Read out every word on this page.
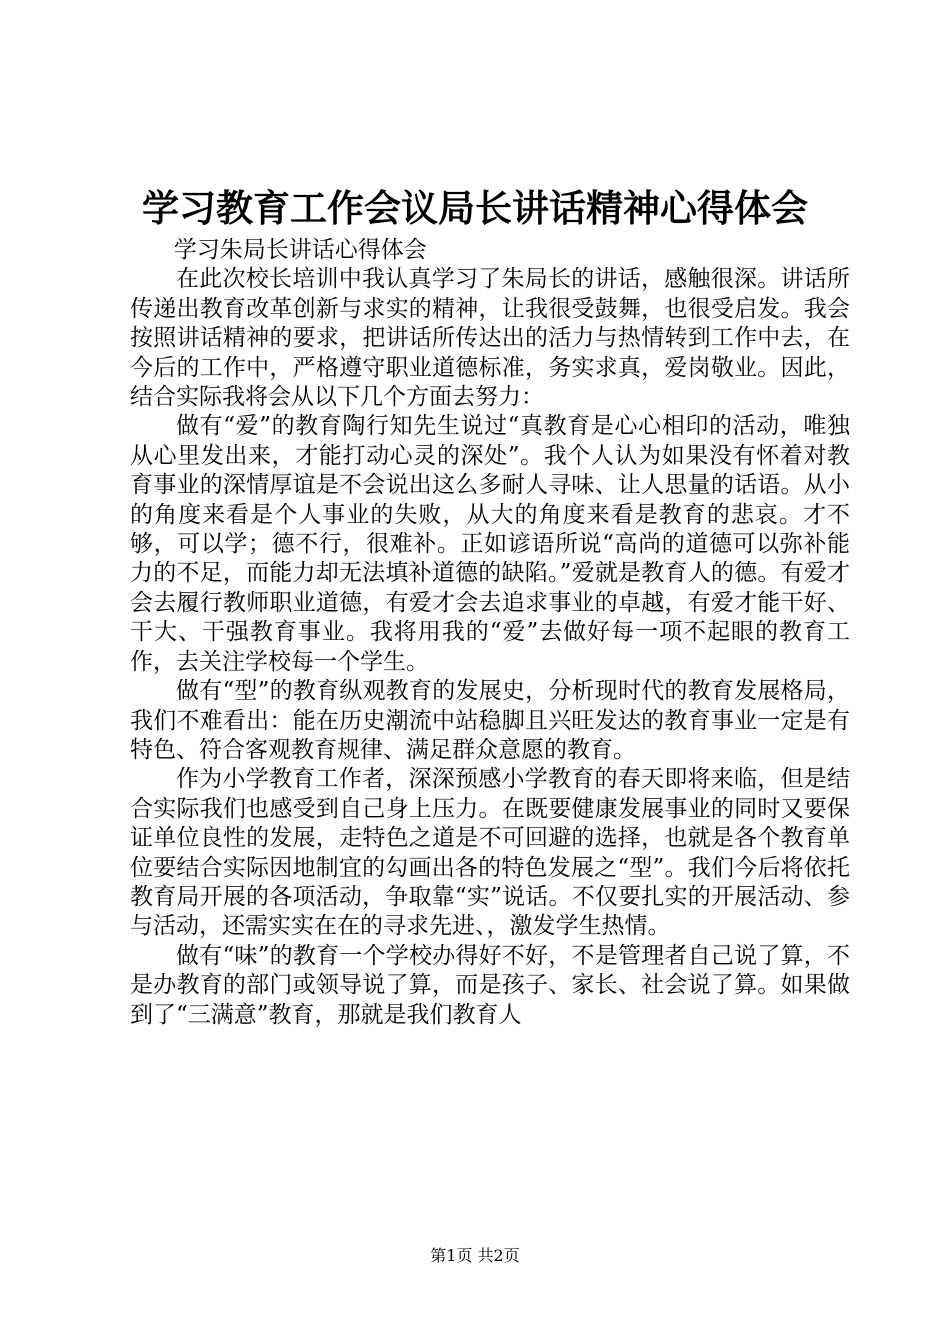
学习教育工作会议局长讲话精神心得体会

学习朱局长讲话心得体会

在此次校长培训中我认真学习了朱局长的讲话，感触很深。讲话所传递出教育改革创新与求实的精神，让我很受鼓舞，也很受启发。我会按照讲话精神的要求，把讲话所传达出的活力与热情转到工作中去，在今后的工作中，严格遵守职业道德标准，务实求真，爱岗敬业。因此，结合实际我将会从以下几个方面去努力：

做有“爱”的教育陶行知先生说过“真教育是心心相印的活动，唯独从心里发出来，才能打动心灵的深处”。我个人认为如果没有怀着对教育事业的深情厚谊是不会说出这么多耐人寻味、让人思量的话语。从小的角度来看是个人事业的失败，从大的角度来看是教育的悲哀。才不够，可以学；德不行，很难补。正如谚语所说“高尚的道德可以弥补能力的不足，而能力却无法填补道德的缺陷。”爱就是教育人的德。有爱才会去履行教师职业道德，有爱才会去追求事业的卓越，有爱才能干好、干大、干强教育事业。我将用我的“爱”去做好每一项不起眼的教育工作，去关注学校每一个学生。

做有“型”的教育纵观教育的发展史，分析现时代的教育发展格局，我们不难看出：能在历史潮流中站稳脚且兴旺发达的教育事业一定是有特色、符合客观教育规律、满足群众意愿的教育。

作为小学教育工作者，深深预感小学教育的春天即将来临，但是结合实际我们也感受到自己身上压力。在既要健康发展事业的同时又要保证单位良性的发展，走特色之道是不可回避的选择，也就是各个教育单位要结合实际因地制宜的勾画出各的特色发展之“型”。我们今后将依托教育局开展的各项活动，争取靠“实”说话。不仅要扎实的开展活动、参与活动，还需实实在在的寻求先进、，激发学生热情。

做有“味”的教育一个学校办得好不好，不是管理者自己说了算，不是办教育的部门或领导说了算，而是孩子、家长、社会说了算。如果做到了“三满意”教育，那就是我们教育人

第1页 共2页
